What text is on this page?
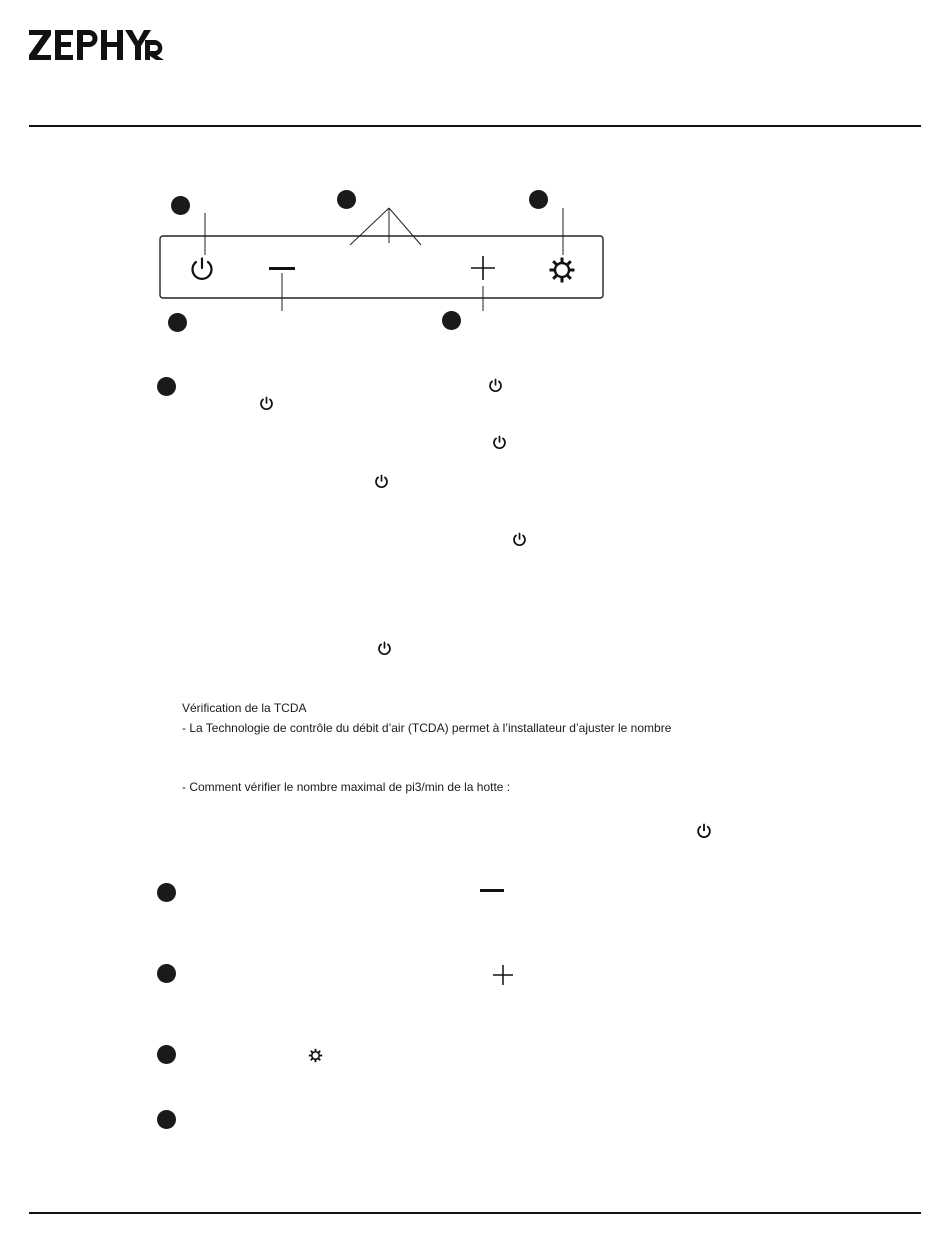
Vérification de la TCDA
- La Technologie de contrôle du débit d’air (TCDA) permet à l’installateur d’ajuster le nombre
- Comment vérifier le nombre maximal de pi3/min de la hotte :
